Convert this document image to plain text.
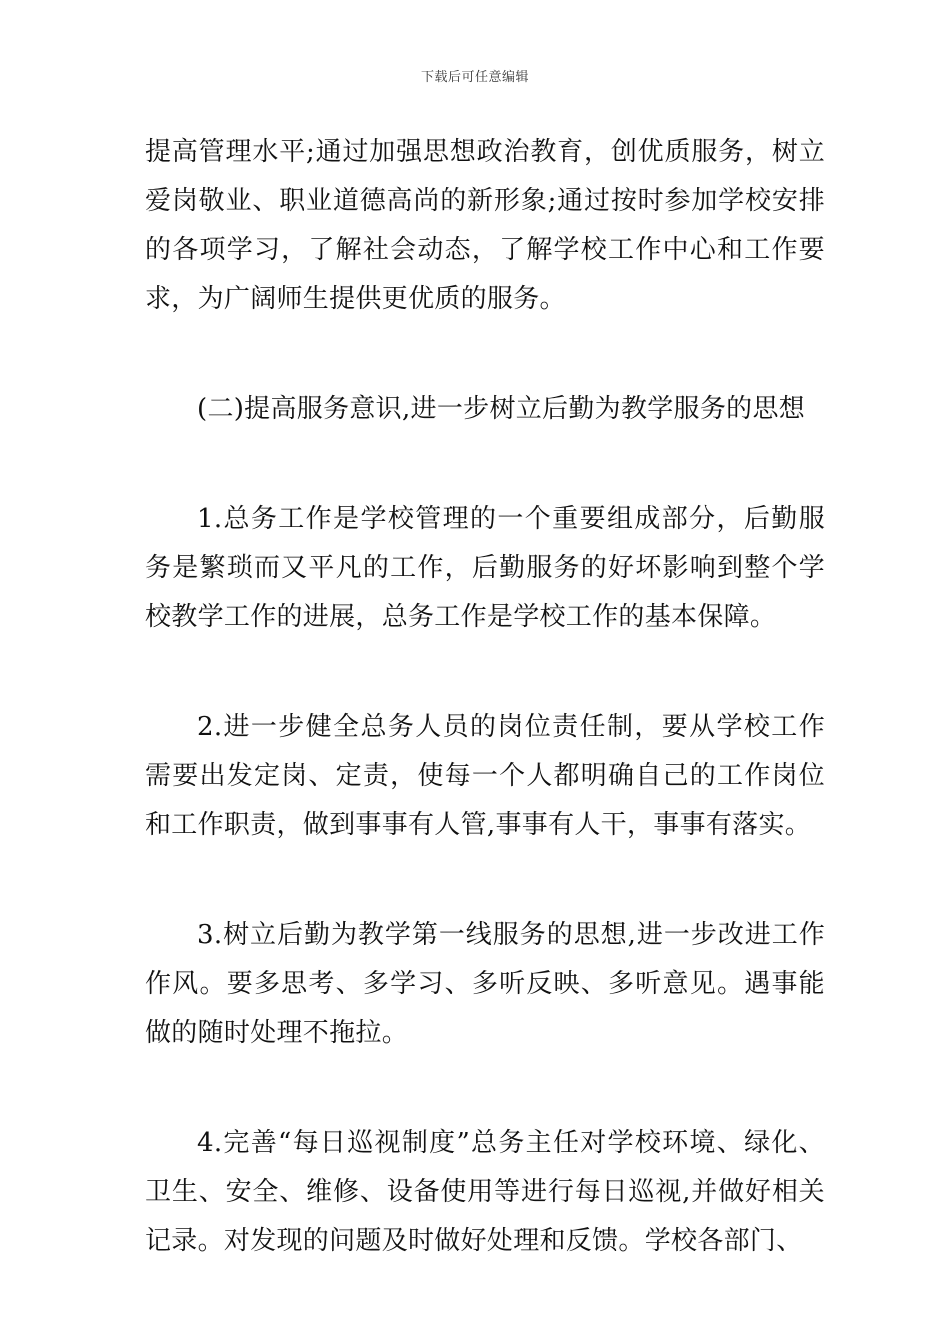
下载后可任意编辑

提高管理水平;通过加强思想政治教育，创优质服务，树立爱岗敬业、职业道德高尚的新形象;通过按时参加学校安排的各项学习，了解社会动态，了解学校工作中心和工作要求，为广阔师生提供更优质的服务。

(二)提高服务意识,进一步树立后勤为教学服务的思想

1.总务工作是学校管理的一个重要组成部分，后勤服务是繁琐而又平凡的工作，后勤服务的好坏影响到整个学校教学工作的进展，总务工作是学校工作的基本保障。

2.进一步健全总务人员的岗位责任制，要从学校工作需要出发定岗、定责，使每一个人都明确自己的工作岗位和工作职责，做到事事有人管,事事有人干，事事有落实。

3.树立后勤为教学第一线服务的思想,进一步改进工作作风。要多思考、多学习、多听反映、多听意见。遇事能做的随时处理不拖拉。

4.完善“每日巡视制度”总务主任对学校环境、绿化、卫生、安全、维修、设备使用等进行每日巡视,并做好相关记录。对发现的问题及时做好处理和反馈。学校各部门、
